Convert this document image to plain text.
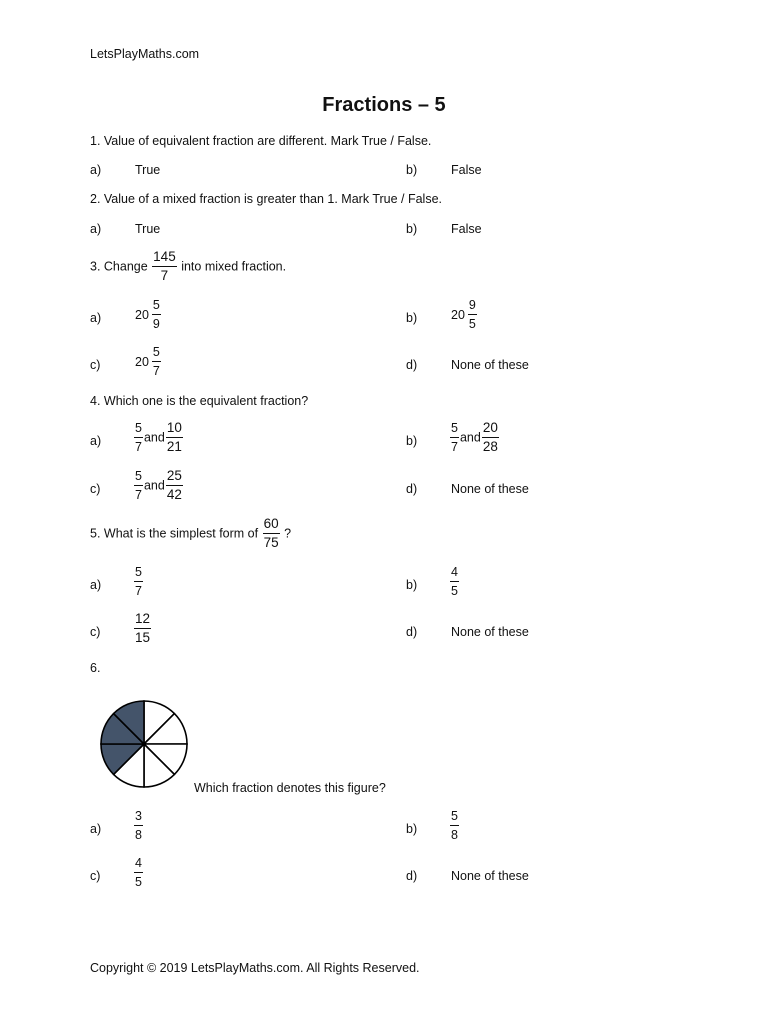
LetsPlayMaths.com
Fractions – 5
1. Value of equivalent fraction are different. Mark True / False.
a)	True	b)	False
2. Value of a mixed fraction is greater than 1. Mark True / False.
a)	True	b)	False
3. Change $\frac{145}{7}$ into mixed fraction.
a)	$20 \frac{5}{9}$	b)	$20 \frac{9}{5}$
c)	$20 \frac{5}{7}$	d)	None of these
4. Which one is the equivalent fraction?
a)	$\frac{5}{7}$ and $\frac{10}{21}$	b)	$\frac{5}{7}$ and $\frac{20}{28}$
c)	$\frac{5}{7}$ and $\frac{25}{42}$	d)	None of these
5. What is the simplest form of $\frac{60}{75}$ ?
a)	$\frac{5}{7}$	b)	$\frac{4}{5}$
$c) \frac{12}{15}$	d)	None of these
6.
Which fraction denotes this figure?
a)	$\frac{3}{8}$	b)	$\frac{5}{8}$
c)	$\frac{4}{5}$	d)	None of these
Copyright © 2019 LetsPlayMaths.com. All Rights Reserved.
